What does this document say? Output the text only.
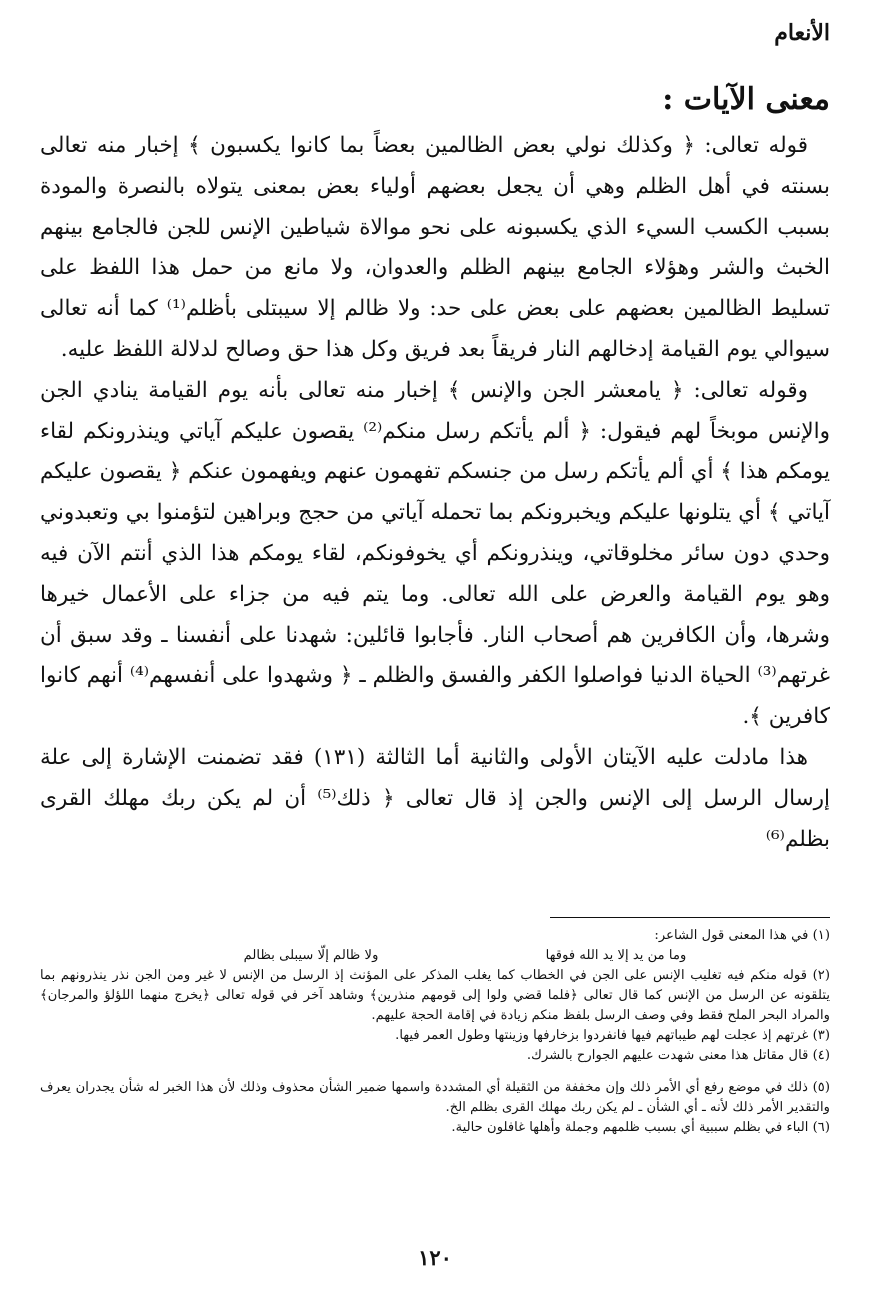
الأنعام
معنى الآيات :

قوله تعالى: ﴿ وكذلك نولي بعض الظالمين بعضاً بما كانوا يكسبون ﴾ إخبار منه تعالى بسنته في أهل الظلم وهي أن يجعل بعضهم أولياء بعض بمعنى يتولاه بالنصرة والمودة بسبب الكسب السيء الذي يكسبونه على نحو موالاة شياطين الإنس للجن فالجامع بينهم الخبث والشر وهؤلاء الجامع بينهم الظلم والعدوان، ولا مانع من حمل هذا اللفظ على تسليط الظالمين بعضهم على بعض على حد: ولا ظالم إلا سيبتلى بأظلم⁽¹⁾ كما أنه تعالى سيوالي يوم القيامة إدخالهم النار فريقاً بعد فريق وكل هذا حق وصالح لدلالة اللفظ عليه.

وقوله تعالى: ﴿ يامعشر الجن والإنس ﴾ إخبار منه تعالى بأنه يوم القيامة ينادي الجن والإنس موبخاً لهم فيقول: ﴿ ألم يأتكم رسل منكم⁽²⁾ يقصون عليكم آياتي وينذرونكم لقاء يومكم هذا ﴾ أي ألم يأتكم رسل من جنسكم تفهمون عنهم ويفهمون عنكم ﴿ يقصون عليكم آياتي ﴾ أي يتلونها عليكم ويخبرونكم بما تحمله آياتي من حجج وبراهين لتؤمنوا بي وتعبدوني وحدي دون سائر مخلوقاتي، وينذرونكم أي يخوفونكم، لقاء يومكم هذا الذي أنتم الآن فيه وهو يوم القيامة والعرض على الله تعالى. وما يتم فيه من جزاء على الأعمال خيرها وشرها، وأن الكافرين هم أصحاب النار. فأجابوا قائلين: شهدنا على أنفسنا ـ وقد سبق أن غرتهم⁽³⁾ الحياة الدنيا فواصلوا الكفر والفسق والظلم ـ ﴿ وشهدوا على أنفسهم⁽⁴⁾ أنهم كانوا كافرين ﴾.

هذا مادلت عليه الآيتان الأولى والثانية أما الثالثة (١٣١) فقد تضمنت الإشارة إلى علة إرسال الرسل إلى الإنس والجن إذ قال تعالى ﴿ ذلك⁽⁵⁾ أن لم يكن ربك مهلك القرى بظلم⁽⁶⁾

(١) في هذا المعنى قول الشاعر:

وما من يد إلا يد الله فوقها
ولا ظالم إلّا سيبلى بظالم

(٢) قوله منكم فيه تغليب الإنس على الجن في الخطاب كما يغلب المذكر على المؤنث إذ الرسل من الإنس لا غير ومن الجن نذر ينذرونهم بما يتلقونه عن الرسل من الإنس كما قال تعالى ﴿فلما قضي ولوا إلى قومهم منذرين﴾ وشاهد آخر في قوله تعالى ﴿يخرج منهما اللؤلؤ والمرجان﴾ والمراد البحر الملح فقط وفي وصف الرسل بلفظ منكم زيادة في إقامة الحجة عليهم.

(٣) غرتهم إذ عجلت لهم طيباتهم فيها فانفردوا بزخارفها وزينتها وطول العمر فيها.

(٤) قال مقاتل هذا معنى شهدت عليهم الجوارح بالشرك.

(٥) ذلك في موضع رفع أي الأمر ذلك وإن مخففة من الثقيلة أي المشددة واسمها ضمير الشأن محذوف وذلك لأن هذا الخبر له شأن يجدران يعرف والتقدير الأمر ذلك لأنه ـ أي الشأن ـ لم يكن ربك مهلك القرى بظلم الخ.

(٦) الباء في بظلم سببية أي بسبب ظلمهم وجملة وأهلها غافلون حالية.

١٢٠
